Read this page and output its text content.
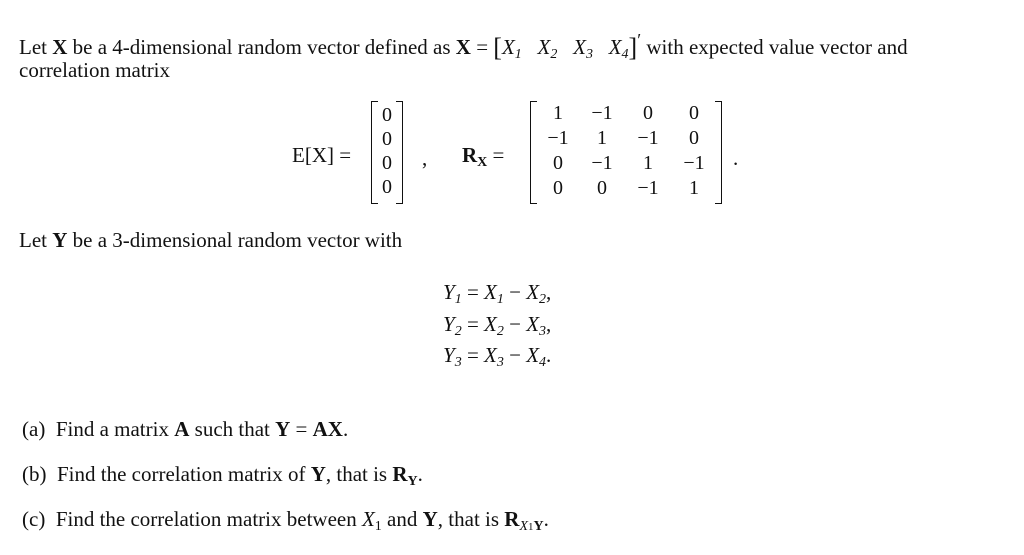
Let X be a 4-dimensional random vector defined as $X = [X_1$ $X_2$ $X_3$ $X_4]'$ with expected value vector and
correlation matrix
E[X] =
0
0
0
0
, $R_X$ =
1	−1	0	0
−1	1	−1	0
0	−1	1	−1
0	0	−1	1
.
Let Y be a 3-dimensional random vector with
$Y_1 = X_1 - X_2$,
$Y_2 = X_2 - X_3$,
$Y_3 = X_3 - X_4$.
(a) Find a matrix A such that Y = AX.
(b) Find the correlation matrix of Y, that is $R_Y$.
(c) Find the correlation matrix between $X_1$ and Y, that is $R_{X1Y}$.
